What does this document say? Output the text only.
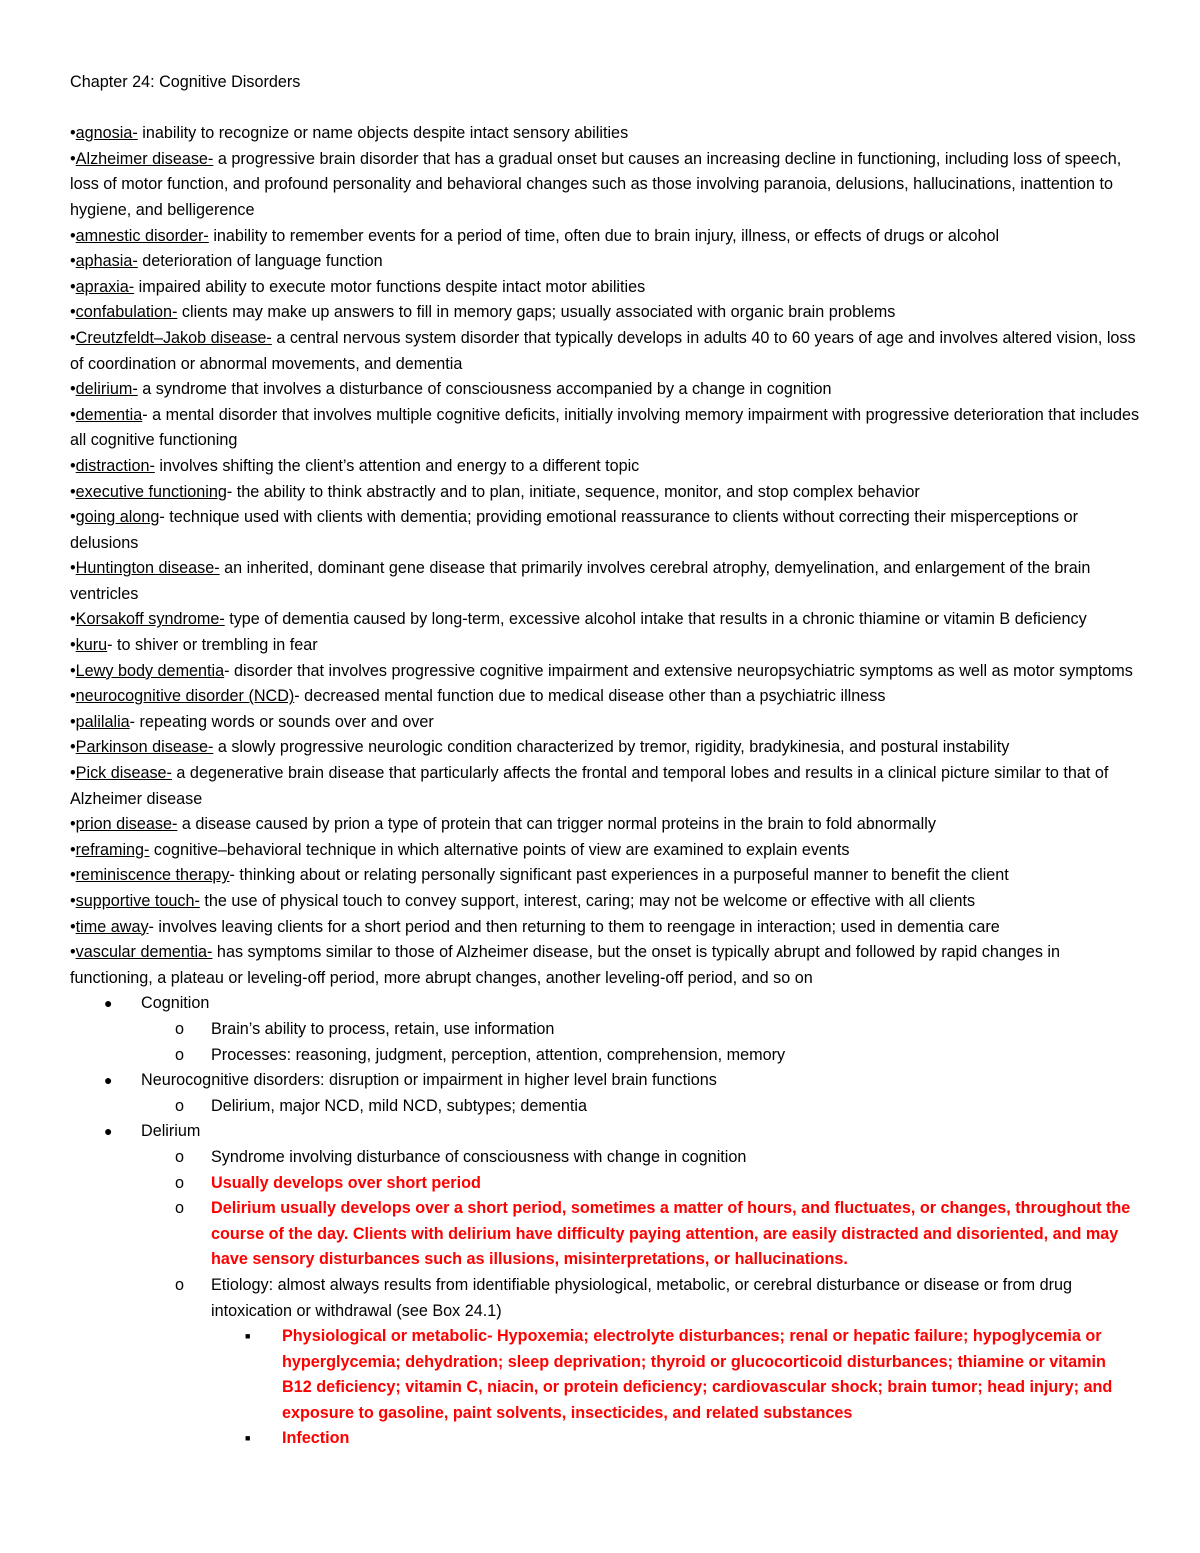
Chapter 24: Cognitive Disorders

•agnosia- inability to recognize or name objects despite intact sensory abilities

•Alzheimer disease- a progressive brain disorder that has a gradual onset but causes an increasing decline in functioning, including loss of speech, loss of motor function, and profound personality and behavioral changes such as those involving paranoia, delusions, hallucinations, inattention to hygiene, and belligerence

•amnestic disorder- inability to remember events for a period of time, often due to brain injury, illness, or effects of drugs or alcohol

•aphasia- deterioration of language function

•apraxia- impaired ability to execute motor functions despite intact motor abilities

•confabulation- clients may make up answers to fill in memory gaps; usually associated with organic brain problems

•Creutzfeldt–Jakob disease- a central nervous system disorder that typically develops in adults 40 to 60 years of age and involves altered vision, loss of coordination or abnormal movements, and dementia

•delirium- a syndrome that involves a disturbance of consciousness accompanied by a change in cognition

•dementia- a mental disorder that involves multiple cognitive deficits, initially involving memory impairment with progressive deterioration that includes all cognitive functioning

•distraction- involves shifting the client’s attention and energy to a different topic

•executive functioning- the ability to think abstractly and to plan, initiate, sequence, monitor, and stop complex behavior

•going along- technique used with clients with dementia; providing emotional reassurance to clients without correcting their misperceptions or delusions

•Huntington disease- an inherited, dominant gene disease that primarily involves cerebral atrophy, demyelination, and enlargement of the brain ventricles

•Korsakoff syndrome- type of dementia caused by long-term, excessive alcohol intake that results in a chronic thiamine or vitamin B deficiency

•kuru- to shiver or trembling in fear

•Lewy body dementia- disorder that involves progressive cognitive impairment and extensive neuropsychiatric symptoms as well as motor symptoms

•neurocognitive disorder (NCD)- decreased mental function due to medical disease other than a psychiatric illness

•palilalia- repeating words or sounds over and over

•Parkinson disease- a slowly progressive neurologic condition characterized by tremor, rigidity, bradykinesia, and postural instability

•Pick disease- a degenerative brain disease that particularly affects the frontal and temporal lobes and results in a clinical picture similar to that of Alzheimer disease

•prion disease- a disease caused by prion a type of protein that can trigger normal proteins in the brain to fold abnormally

•reframing- cognitive–behavioral technique in which alternative points of view are examined to explain events

•reminiscence therapy- thinking about or relating personally significant past experiences in a purposeful manner to benefit the client

•supportive touch- the use of physical touch to convey support, interest, caring; may not be welcome or effective with all clients

•time away- involves leaving clients for a short period and then returning to them to reengage in interaction; used in dementia care

•vascular dementia- has symptoms similar to those of Alzheimer disease, but the onset is typically abrupt and followed by rapid changes in functioning, a plateau or leveling-off period, more abrupt changes, another leveling-off period, and so on

●	Cognition
o	Brain’s ability to process, retain, use information
o	Processes: reasoning, judgment, perception, attention, comprehension, memory
●	Neurocognitive disorders: disruption or impairment in higher level brain functions
o	Delirium, major NCD, mild NCD, subtypes; dementia
●	Delirium
o	Syndrome involving disturbance of consciousness with change in cognition
o	Usually develops over short period
o	Delirium usually develops over a short period, sometimes a matter of hours, and fluctuates, or changes, throughout the course of the day. Clients with delirium have difficulty paying attention, are easily distracted and disoriented, and may have sensory disturbances such as illusions, misinterpretations, or hallucinations.
o	Etiology: almost always results from identifiable physiological, metabolic, or cerebral disturbance or disease or from drug intoxication or withdrawal (see Box 24.1)
■	Physiological or metabolic- Hypoxemia; electrolyte disturbances; renal or hepatic failure; hypoglycemia or hyperglycemia; dehydration; sleep deprivation; thyroid or glucocorticoid disturbances; thiamine or vitamin B12 deficiency; vitamin C, niacin, or protein deficiency; cardiovascular shock; brain tumor; head injury; and exposure to gasoline, paint solvents, insecticides, and related substances
■	Infection
